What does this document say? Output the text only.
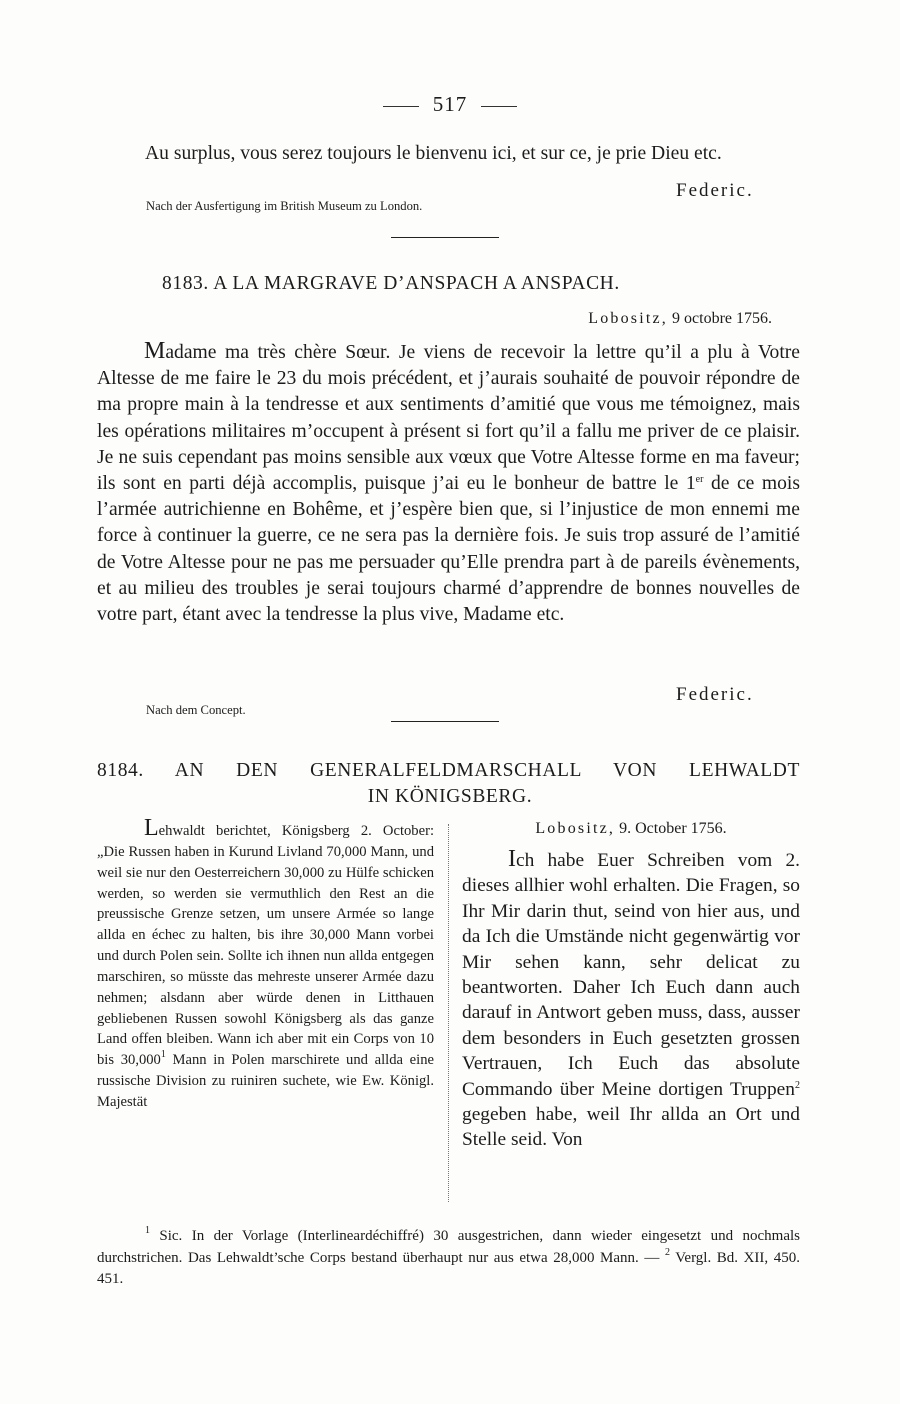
517
Au surplus, vous serez toujours le bienvenu ici, et sur ce, je prie Dieu etc.
Federic.
Nach der Ausfertigung im British Museum zu London.
8183. A LA MARGRAVE D’ANSPACH A ANSPACH.
Lobositz, 9 octobre 1756.
Madame ma très chère Sœur. Je viens de recevoir la lettre qu’il a plu à Votre Altesse de me faire le 23 du mois précédent, et j’aurais souhaité de pouvoir répondre de ma propre main à la tendresse et aux sentiments d’amitié que vous me témoignez, mais les opérations militaires m’occupent à présent si fort qu’il a fallu me priver de ce plaisir. Je ne suis cependant pas moins sensible aux vœux que Votre Altesse forme en ma faveur; ils sont en parti déjà accomplis, puisque j’ai eu le bonheur de battre le 1er de ce mois l’armée autrichienne en Bohême, et j’espère bien que, si l’injustice de mon ennemi me force à continuer la guerre, ce ne sera pas la dernière fois. Je suis trop assuré de l’amitié de Votre Altesse pour ne pas me persuader qu’Elle prendra part à de pareils évènements, et au milieu des troubles je serai toujours charmé d’apprendre de bonnes nouvelles de votre part, étant avec la tendresse la plus vive, Madame etc.
Federic.
Nach dem Concept.
8184. AN DEN GENERALFELDMARSCHALL VON LEHWALDT
IN KÖNIGSBERG.
Lehwaldt berichtet, Königsberg 2. October: „Die Russen haben in Kurund Livland 70,000 Mann, und weil sie nur den Oesterreichern 30,000 zu Hülfe schicken werden, so werden sie vermuthlich den Rest an die preussische Grenze setzen, um unsere Armée so lange allda en échec zu halten, bis ihre 30,000 Mann vorbei und durch Polen sein. Sollte ich ihnen nun allda entgegen marschiren, so müsste das mehreste unserer Armée dazu nehmen; alsdann aber würde denen in Litthauen gebliebenen Russen sowohl Königsberg als das ganze Land offen bleiben. Wann ich aber mit ein Corps von 10 bis 30,000$^1$ Mann in Polen marschirete und allda eine russische Division zu ruiniren suchete, wie Ew. Königl. Majestät
Lobositz, 9. October 1756.
Ich habe Euer Schreiben vom 2. dieses allhier wohl erhalten. Die Fragen, so Ihr Mir darin thut, seind von hier aus, und da Ich die Umstände nicht gegenwärtig vor Mir sehen kann, sehr delicat zu beantworten. Daher Ich Euch dann auch darauf in Antwort geben muss, dass, ausser dem besonders in Euch gesetzten grossen Vertrauen, Ich Euch das absolute Commando über Meine dortigen Truppen$^2$ gegeben habe, weil Ihr allda an Ort und Stelle seid. Von
$^1$ Sic. In der Vorlage (Interlineardéchiffré) 30 ausgestrichen, dann wieder eingesetzt und nochmals durchstrichen. Das Lehwaldt’sche Corps bestand überhaupt nur aus etwa 28,000 Mann. — $^2$ Vergl. Bd. XII, 450. 451.
